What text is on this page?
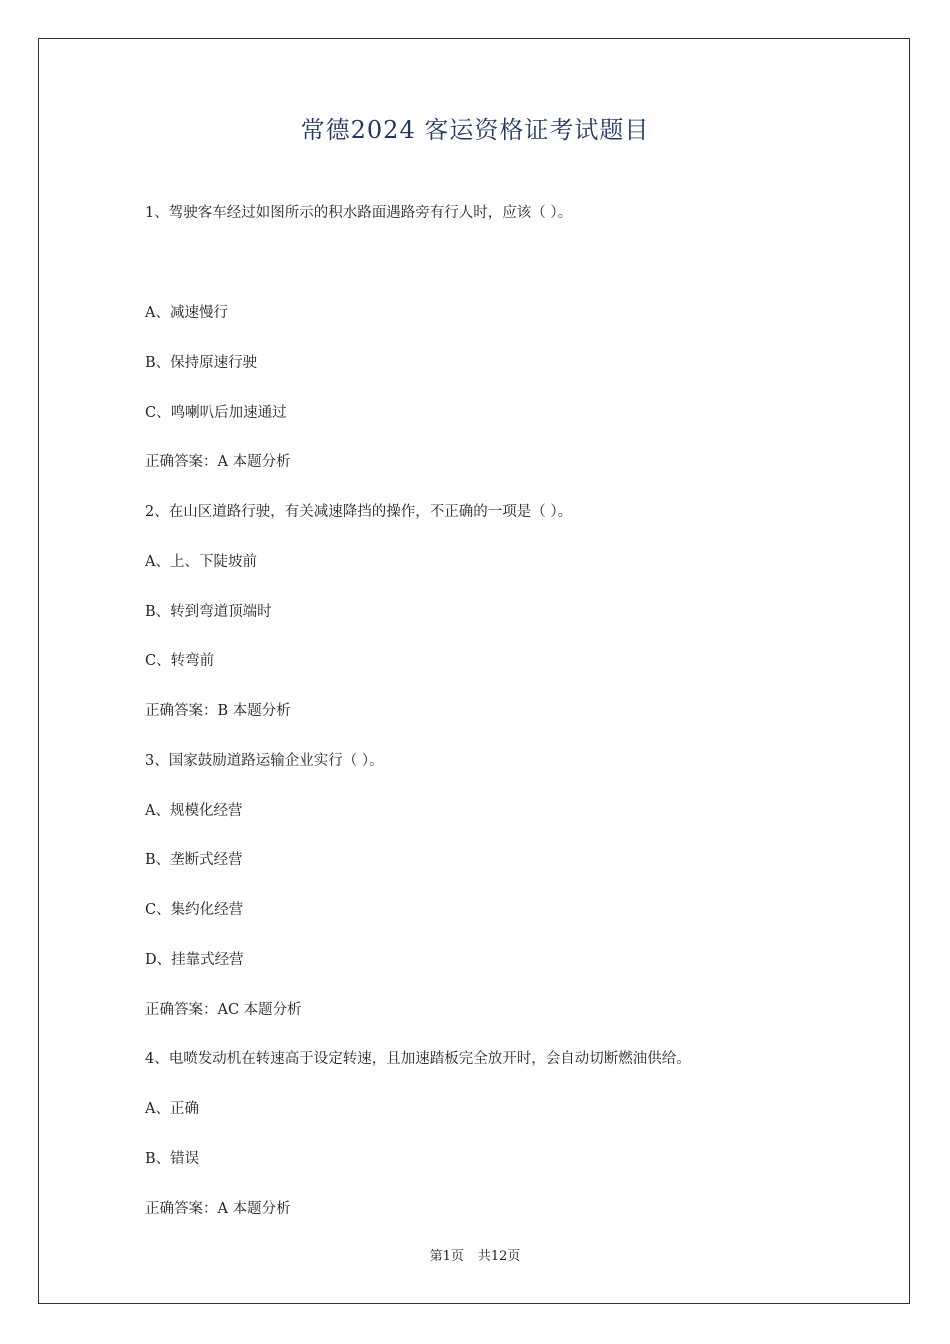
常德2024 客运资格证考试题目
1、驾驶客车经过如图所示的积水路面遇路旁有行人时，应该（ ）。
A、减速慢行
B、保持原速行驶
C、鸣喇叭后加速通过
正确答案：A 本题分析
2、在山区道路行驶，有关减速降挡的操作，不正确的一项是（ ）。
A、上、下陡坡前
B、转到弯道顶端时
C、转弯前
正确答案：B 本题分析
3、国家鼓励道路运输企业实行（ ）。
A、规模化经营
B、垄断式经营
C、集约化经营
D、挂靠式经营
正确答案：AC 本题分析
4、电喷发动机在转速高于设定转速，且加速踏板完全放开时，会自动切断燃油供给。
A、正确
B、错误
正确答案：A 本题分析
第1页 共12页
